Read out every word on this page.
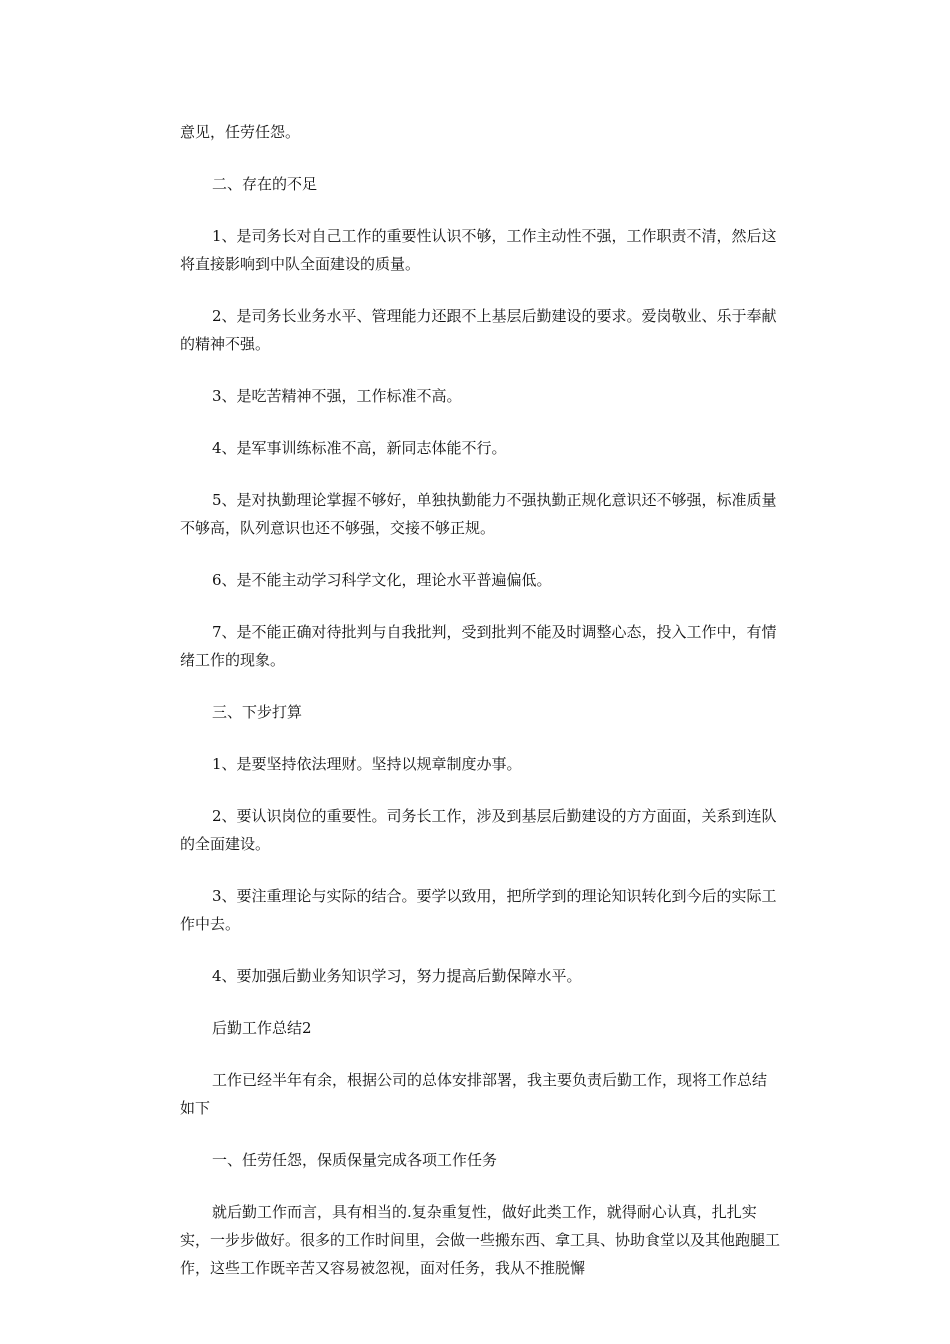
意见，任劳任怨。

二、存在的不足

1、是司务长对自己工作的重要性认识不够，工作主动性不强，工作职责不清，然后这将直接影响到中队全面建设的质量。

2、是司务长业务水平、管理能力还跟不上基层后勤建设的要求。爱岗敬业、乐于奉献的精神不强。

3、是吃苦精神不强，工作标准不高。

4、是军事训练标准不高，新同志体能不行。

5、是对执勤理论掌握不够好，单独执勤能力不强执勤正规化意识还不够强，标准质量不够高，队列意识也还不够强，交接不够正规。

6、是不能主动学习科学文化，理论水平普遍偏低。

7、是不能正确对待批判与自我批判，受到批判不能及时调整心态，投入工作中，有情绪工作的现象。

三、下步打算

1、是要坚持依法理财。坚持以规章制度办事。

2、要认识岗位的重要性。司务长工作，涉及到基层后勤建设的方方面面，关系到连队的全面建设。

3、要注重理论与实际的结合。要学以致用，把所学到的理论知识转化到今后的实际工作中去。

4、要加强后勤业务知识学习，努力提高后勤保障水平。

后勤工作总结2

工作已经半年有余，根据公司的总体安排部署，我主要负责后勤工作，现将工作总结如下

一、任劳任怨，保质保量完成各项工作任务

就后勤工作而言，具有相当的.复杂重复性，做好此类工作，就得耐心认真，扎扎实实，一步步做好。很多的工作时间里，会做一些搬东西、拿工具、协助食堂以及其他跑腿工作，这些工作既辛苦又容易被忽视，面对任务，我从不推脱懈
